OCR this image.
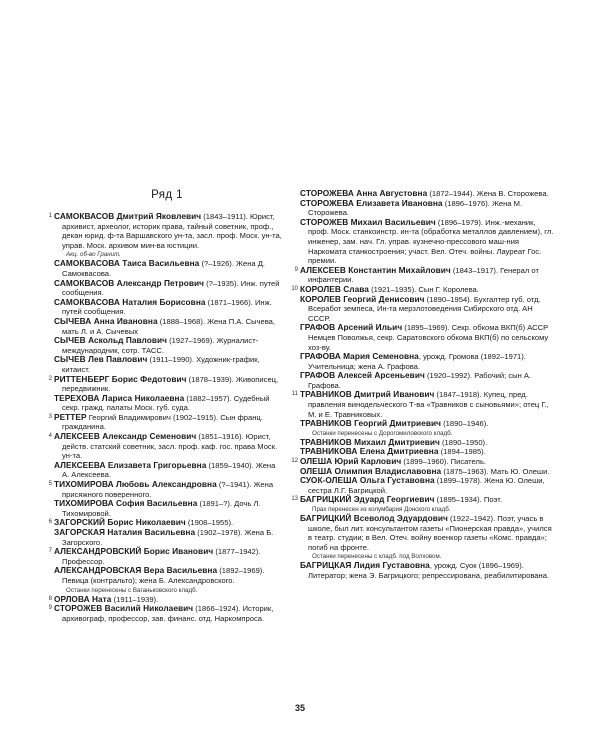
Ряд 1

1 САМОКВАСОВ Дмитрий Яковлевич (1843–1911). Юрист, архивист, археолог, историк права, тайный советник, проф., декан юрид. ф-та Варшавского ун-та, засл. проф. Моск. ун-та, управ. Моск. архивом мин-ва юстиции.

Акц. об-во Гранит.

САМОКВАСОВА Таиса Васильевна (?–1926). Жена Д. Самоквасова.

САМОКВАСОВ Александр Петрович (?–1935). Инж. путей сообщения.

САМОКВАСОВА Наталия Борисовна (1871–1966). Инж. путей сообщения.

СЫЧЕВА Анна Ивановна (1888–1968). Жена П.А. Сычева, мать Л. и А. Сычевых

СЫЧЕВ Аскольд Павлович (1927–1969). Журналист-международник, сотр. ТАСС.

СЫЧЕВ Лев Павлович (1911–1990). Художник-график, китаист.

2 РИТТЕНБЕРГ Борис Федотович (1878–1939). Живописец, передвижник.

ТЕРЕХОВА Лариса Николаевна (1882–1957). Судебный секр. гражд. палаты Моск. губ. суда.

3 РЕТТЕР Георгий Владимирович (1902–1915). Сын франц. гражданина.

4 АЛЕКСЕЕВ Александр Семенович (1851–1916). Юрист, действ. статский советник, засл. проф. каф. гос. права Моск. ун-та.

АЛЕКСЕЕВА Елизавета Григорьевна (1859–1940). Жена А. Алексеева.

5 ТИХОМИРОВА Любовь Александровна (?–1941). Жена присяжного поверенного.

ТИХОМИРОВА София Васильевна (1891–?). Дочь Л. Тихомировой.

6 ЗАГОРСКИЙ Борис Николаевич (1908–1955).

ЗАГОРСКАЯ Наталия Васильевна (1902–1978). Жена Б. Загорского.

7 АЛЕКСАНДРОВСКИЙ Борис Иванович (1877–1942). Профессор.

АЛЕКСАНДРОВСКАЯ Вера Васильевна (1892–1969). Певица (контральто); жена Б. Александровского.

Останки перенесены с Ваганьковского кладб.

8 ОРЛОВА Ната (1911–1939).

9 СТОРОЖЕВ Василий Николаевич (1866–1924). Историк, архивограф, профессор, зав. финанс. отд. Наркомпроса.

СТОРОЖЕВА Анна Августовна (1872–1944). Жена В. Сторожева.

СТОРОЖЕВА Елизавета Ивановна (1896–1976). Жена М. Сторожева.

СТОРОЖЕВ Михаил Васильевич (1896–1979). Инж.-механик, проф. Моск. станкоинстр. ин-та (обработка металлов давлением), гл. инженер, зам. нач. Гл. управ. кузнечно-прессового маш-ния Наркомата станкостроения; участ. Вел. Отеч. войны. Лауреат Гос. премии.

9 АЛЕКСЕЕВ Константин Михайлович (1843–1917). Генерал от инфантерии.

10 КОРОЛЕВ Слава (1921–1935). Сын Г. Королева.

КОРОЛЕВ Георгий Денисович (1890–1954). Бухгалтер губ. отд. Всеработ земпеса, Ин-та мерзлотоведения Сибирского отд. АН СССР.

ГРАФОВ Арсений Ильич (1895–1969). Секр. обкома ВКП(б) АССР Немцев Поволжья, секр. Саратовского обкома ВКП(б) по сельскому хоз-ву.

ГРАФОВА Мария Семеновна, урожд. Громова (1892–1971). Учительница; жена А. Графова.

ГРАФОВ Алексей Арсеньевич (1920–1992). Рабочий; сын А. Графова.

11 ТРАВНИКОВ Дмитрий Иванович (1847–1918). Купец, пред. правления винодельческого Т-ва «Травников с сыновьями»; отец Г., М. и Е. Травниковых.

ТРАВНИКОВ Георгий Дмитриевич (1890–1946).

Останки перенесены с Дорогомиловского кладб.

ТРАВНИКОВ Михаил Дмитриевич (1890–1950).

ТРАВНИКОВА Елена Дмитриевна (1894–1985).

12 ОЛЕША Юрий Карлович (1899–1960). Писатель.

ОЛЕША Олимпия Владиславовна (1875–1963). Мать Ю. Олеши.

СУОК-ОЛЕША Ольга Густавовна (1899–1978). Жена Ю. Олеши, сестра Л.Г. Багрицкой.

13 БАГРИЦКИЙ Эдуард Георгиевич (1895–1934). Поэт.

Прах перенесен из колумбария Донского кладб.

БАГРИЦКИЙ Всеволод Эдуардович (1922–1942). Поэт, учась в школе, был лит. консультантом газеты «Пионерская правда», учился в театр. студии; в Вел. Отеч. войну военкор газеты «Комс. правда»; погиб на фронте.

Останки перенесены с кладб. под Волховом.

БАГРИЦКАЯ Лидия Густавовна, урожд. Суок (1896–1969). Литератор; жена Э. Багрицкого; репрессирована, реабилитирована.

35
